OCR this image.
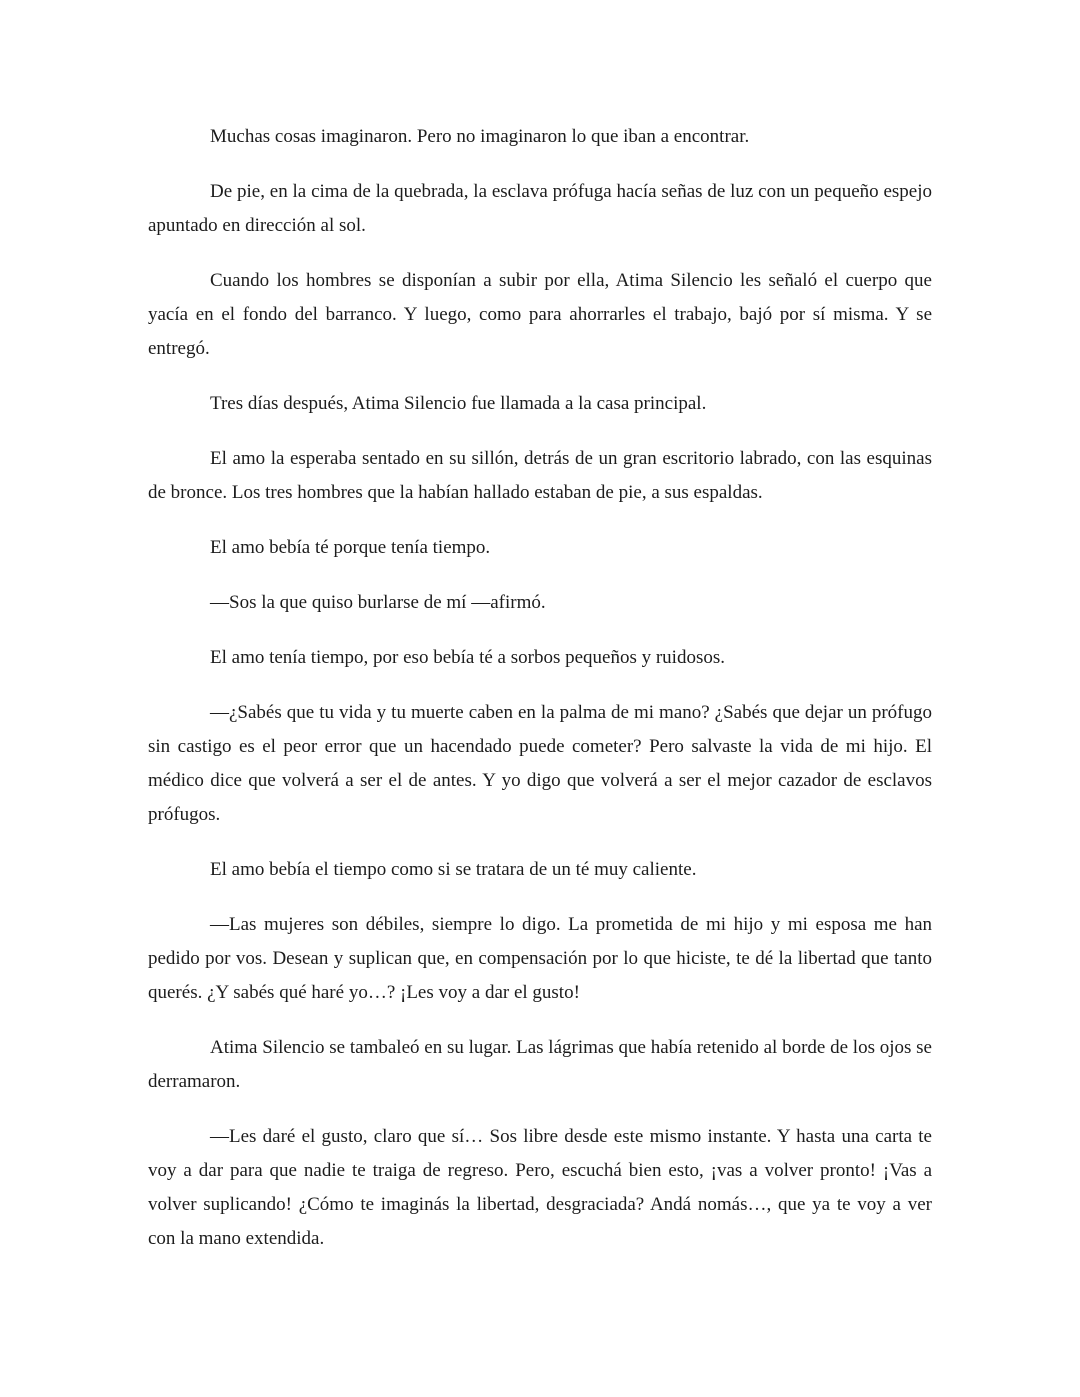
Muchas cosas imaginaron. Pero no imaginaron lo que iban a encontrar.

De pie, en la cima de la quebrada, la esclava prófuga hacía señas de luz con un pequeño espejo apuntado en dirección al sol.

Cuando los hombres se disponían a subir por ella, Atima Silencio les señaló el cuerpo que yacía en el fondo del barranco. Y luego, como para ahorrarles el trabajo, bajó por sí misma. Y se entregó.

Tres días después, Atima Silencio fue llamada a la casa principal.

El amo la esperaba sentado en su sillón, detrás de un gran escritorio labrado, con las esquinas de bronce. Los tres hombres que la habían hallado estaban de pie, a sus espaldas.

El amo bebía té porque tenía tiempo.

—Sos la que quiso burlarse de mí —afirmó.

El amo tenía tiempo, por eso bebía té a sorbos pequeños y ruidosos.

—¿Sabés que tu vida y tu muerte caben en la palma de mi mano? ¿Sabés que dejar un prófugo sin castigo es el peor error que un hacendado puede cometer? Pero salvaste la vida de mi hijo. El médico dice que volverá a ser el de antes. Y yo digo que volverá a ser el mejor cazador de esclavos prófugos.

El amo bebía el tiempo como si se tratara de un té muy caliente.

—Las mujeres son débiles, siempre lo digo. La prometida de mi hijo y mi esposa me han pedido por vos. Desean y suplican que, en compensación por lo que hiciste, te dé la libertad que tanto querés. ¿Y sabés qué haré yo…? ¡Les voy a dar el gusto!

Atima Silencio se tambaleó en su lugar. Las lágrimas que había retenido al borde de los ojos se derramaron.

—Les daré el gusto, claro que sí… Sos libre desde este mismo instante. Y hasta una carta te voy a dar para que nadie te traiga de regreso. Pero, escuchá bien esto, ¡vas a volver pronto! ¡Vas a volver suplicando! ¿Cómo te imaginás la libertad, desgraciada? Andá nomás…, que ya te voy a ver con la mano extendida.
